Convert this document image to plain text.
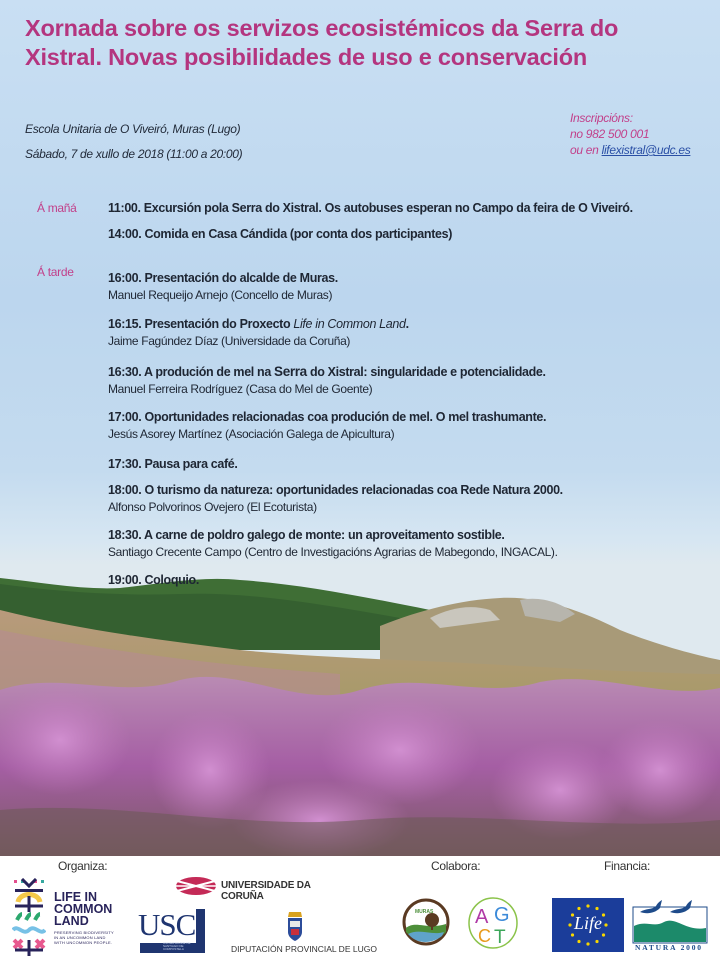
Xornada sobre os servizos ecosistémicos da Serra do
Xistral. Novas posibilidades de uso e conservación
Escola Unitaria de O Viveiró, Muras (Lugo)
Sábado, 7 de xullo de 2018 (11:00 a 20:00)
Inscripcións:
no 982 500 001
ou en lifexistral@udc.es
Á mañá	11:00. Excursión pola Serra do Xistral. Os autobuses esperan no Campo da feira de O Viveiró.
14:00. Comida en Casa Cándida (por conta dos participantes)
Á tarde	16:00. Presentación do alcalde de Muras.
Manuel Requeijo Arnejo (Concello de Muras)
16:15. Presentación do Proxecto Life in Common Land.
Jaime Fagúndez Díaz (Universidade da Coruña)
16:30. A produción de mel na Serra do Xistral: singularidade e potencialidade.
Manuel Ferreira Rodríguez (Casa do Mel de Goente)
17:00. Oportunidades relacionadas coa produción de mel. O mel trashumante.
Jesús Asorey Martínez (Asociación Galega de Apicultura)
17:30. Pausa para café.
18:00. O turismo da natureza: oportunidades relacionadas coa Rede Natura 2000.
Alfonso Polvorinos Ovejero (El Ecoturista)
18:30. A carne de poldro galego de monte: un aproveitamento sostible.
Santiago Crecente Campo (Centro de Investigacións Agrarias de Mabegondo, INGACAL).
19:00. Coloquio.
Organiza:	Colabora:	Financia:
LIFE IN
COMMON
LAND
PRESERVING BIODIVERSITY
IN AN UNCOMMON LAND
WITH UNCOMMON PEOPLE.
UNIVERSIDADE DA CORUÑA
USC
UNIVERSIDADE DE SANTIAGO DE COMPOSTELA	DIPUTACIÓN PROVINCIAL DE LUGO
MURAS A G
C T
Life
NATURA 2000
